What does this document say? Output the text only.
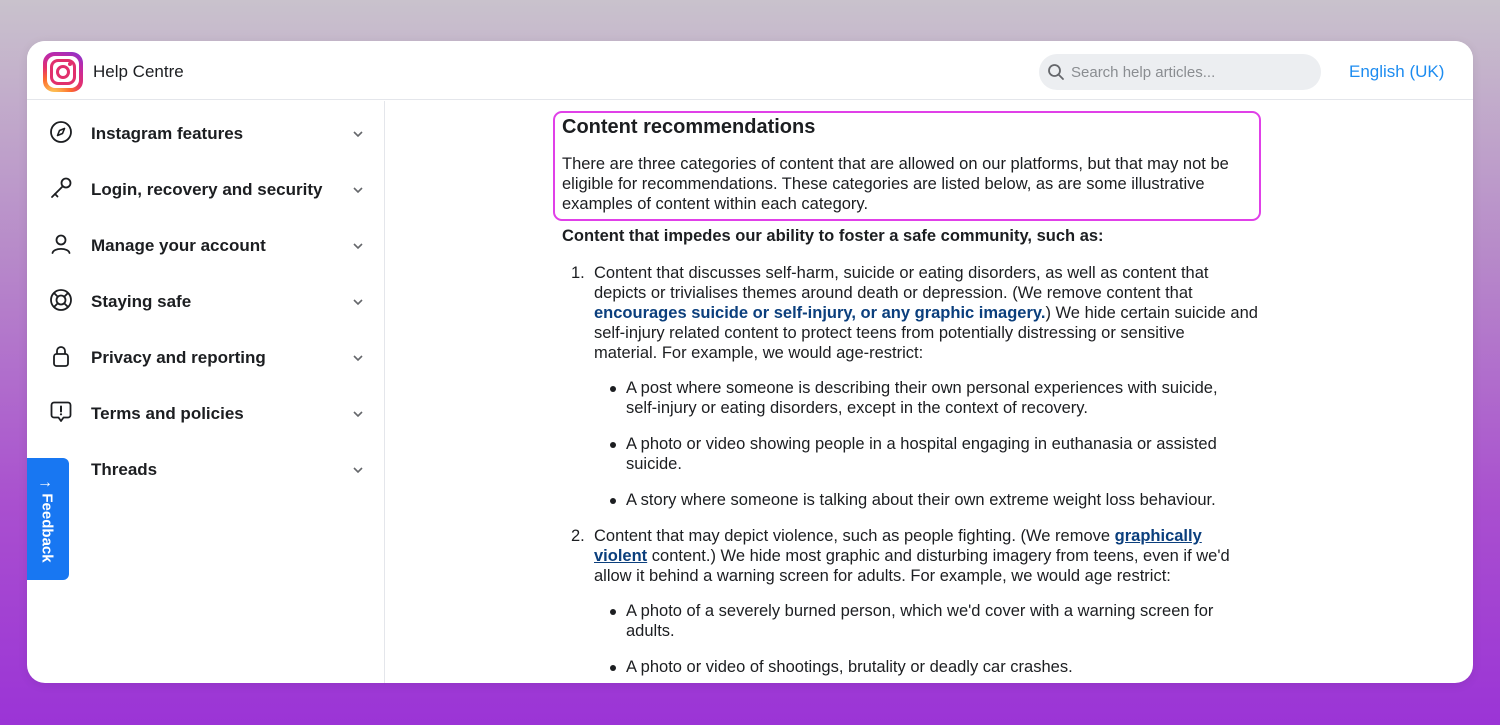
Help Centre
Search help articles...	English (UK)
Instagram features
Login, recovery and security
Manage your account
Staying safe
Privacy and reporting
Terms and policies
Threads
→
Feedback
Content recommendations
There are three categories of content that are allowed on our platforms, but that may not be
eligible for recommendations. These categories are listed below, as are some illustrative
examples of content within each category.
Content that impedes our ability to foster a safe community, such as:
1. Content that discusses self-harm, suicide or eating disorders, as well as content that
depicts or trivialises themes around death or depression. (We remove content that
encourages suicide or self-injury, or any graphic imagery.) We hide certain suicide and
self-injury related content to protect teens from potentially distressing or sensitive
material. For example, we would age-restrict:
A post where someone is describing their own personal experiences with suicide,
self-injury or eating disorders, except in the context of recovery.
A photo or video showing people in a hospital engaging in euthanasia or assisted
suicide.
A story where someone is talking about their own extreme weight loss behaviour.
2. Content that may depict violence, such as people fighting. (We remove graphically
violent content.) We hide most graphic and disturbing imagery from teens, even if we'd
allow it behind a warning screen for adults. For example, we would age restrict:
A photo of a severely burned person, which we'd cover with a warning screen for
adults.
A photo or video of shootings, brutality or deadly car crashes.
